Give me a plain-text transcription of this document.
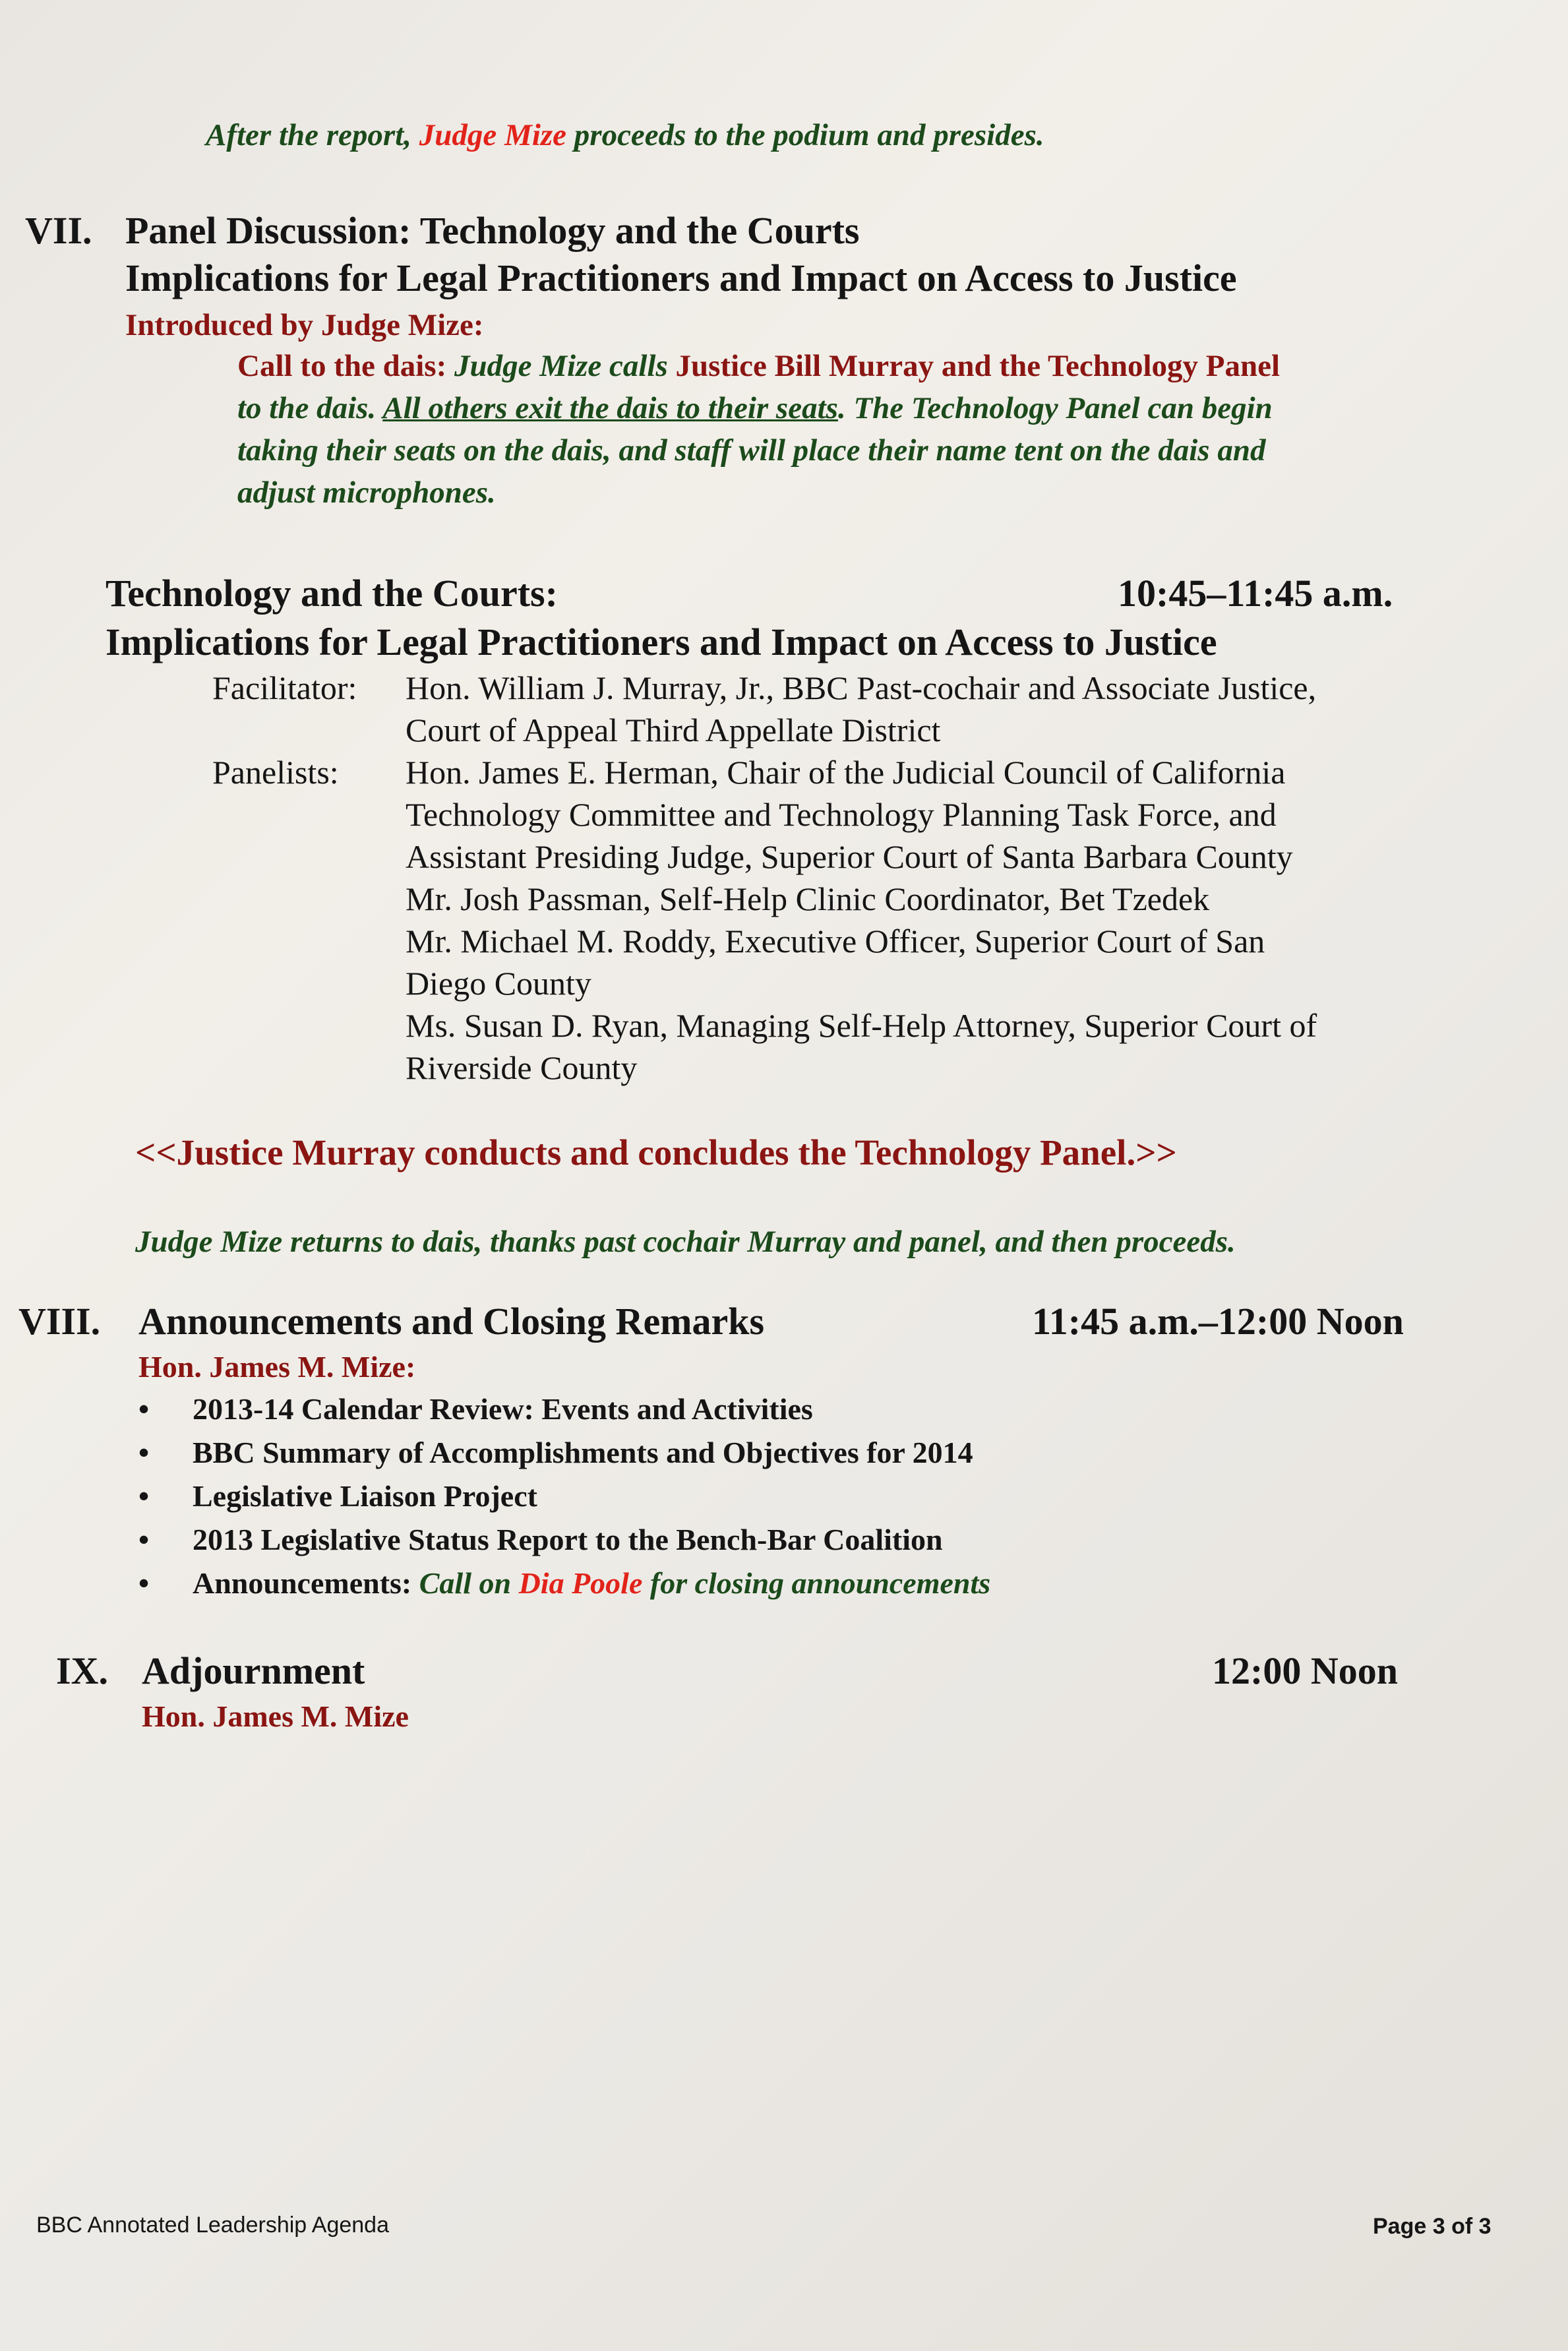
After the report, Judge Mize proceeds to the podium and presides.
VII. Panel Discussion: Technology and the Courts
Implications for Legal Practitioners and Impact on Access to Justice
Introduced by Judge Mize:
Call to the dais: Judge Mize calls Justice Bill Murray and the Technology Panel
to the dais. All others exit the dais to their seats. The Technology Panel can begin
taking their seats on the dais, and staff will place their name tent on the dais and
adjust microphones.
Technology and the Courts:	10:45–11:45 a.m.
Implications for Legal Practitioners and Impact on Access to Justice
Facilitator: Hon. William J. Murray, Jr., BBC Past-cochair and Associate Justice,
Court of Appeal Third Appellate District
Panelists: Hon. James E. Herman, Chair of the Judicial Council of California
Technology Committee and Technology Planning Task Force, and
Assistant Presiding Judge, Superior Court of Santa Barbara County
Mr. Josh Passman, Self-Help Clinic Coordinator, Bet Tzedek
Mr. Michael M. Roddy, Executive Officer, Superior Court of San
Diego County
Ms. Susan D. Ryan, Managing Self-Help Attorney, Superior Court of
Riverside County
<<Justice Murray conducts and concludes the Technology Panel.>>
Judge Mize returns to dais, thanks past cochair Murray and panel, and then proceeds.
VIII. Announcements and Closing Remarks	11:45 a.m.–12:00 Noon
Hon. James M. Mize:
• 2013-14 Calendar Review: Events and Activities
• BBC Summary of Accomplishments and Objectives for 2014
• Legislative Liaison Project
• 2013 Legislative Status Report to the Bench-Bar Coalition
• Announcements: Call on Dia Poole for closing announcements
IX. Adjournment	12:00 Noon
Hon. James M. Mize
BBC Annotated Leadership Agenda	Page 3 of 3
